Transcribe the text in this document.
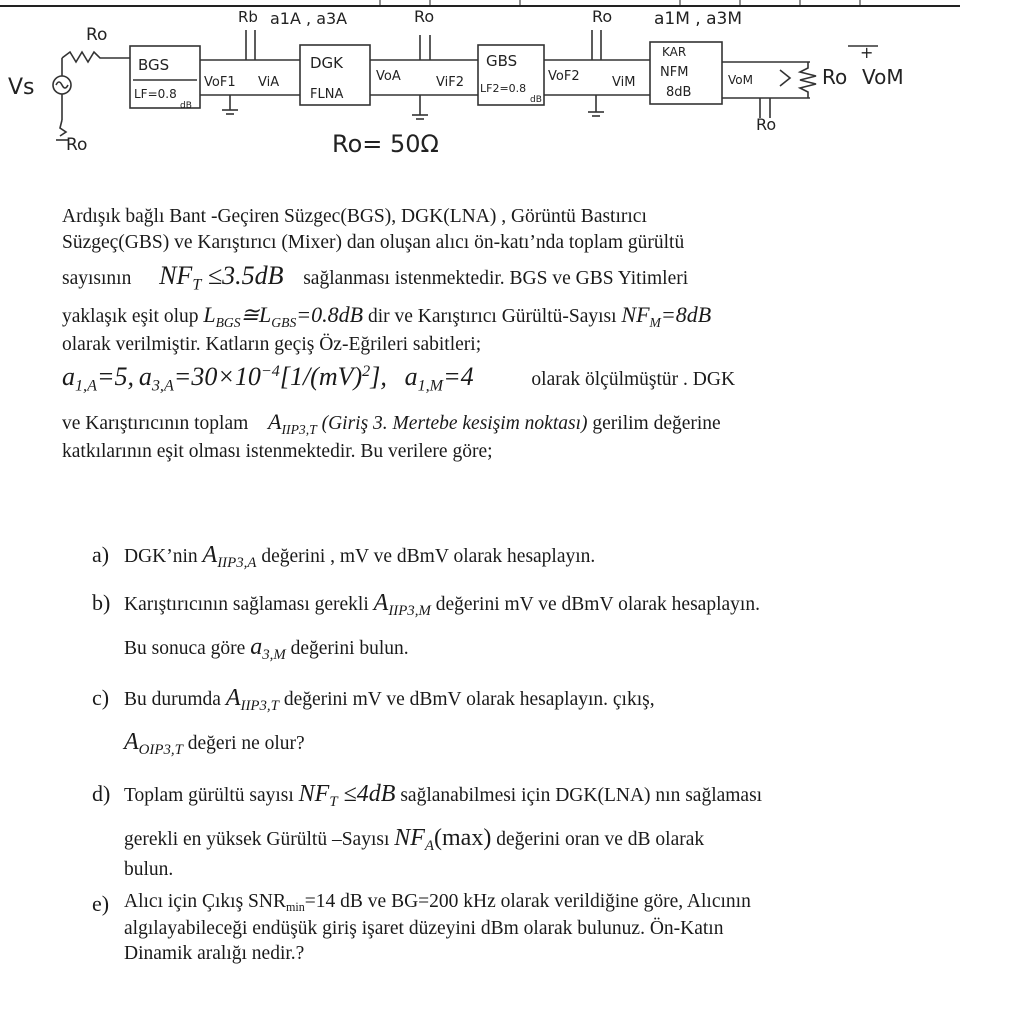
Ro
Vs
Ro
BGS
LF=0.8
dB
VoF1 ViA
Rb a1A , a3A	Ro
DGK
FLNA
VoA	ViF2
GBS
LF2=0.8
dB
VoF2 ViM
Ro a1M , a3M
KAR
NFM
8dB
VoM	Ro VoM
Ro
Ro= 50Ω
+

Ardışık bağlı Bant -Geçiren Süzgec(BGS), DGK(LNA) , Görüntü Bastırıcı
Süzgeç(GBS) ve Karıştırıcı (Mixer) dan oluşan alıcı ön-katı’nda toplam gürültü
sayısının $NF_T \le 3.5dB$ sağlanması istenmektedir. BGS ve GBS Yitimleri
yaklaşık eşit olup $L_{BGS}≅L_{GBS}=0.8dB$ dir ve Karıştırıcı Gürültü-Sayısı $NF_M=8dB$
olarak verilmiştir. Katların geçiş Öz-Eğrileri sabitleri;
$a_{1,A}=5$, $a_{3,A}=30\times 10^{-4}[1/(mV)^2]$, $a_{1,M}=4$	olarak ölçülmüştür . DGK

ve Karıştırıcının toplam $A_{IIP3,T}$ (Giriş 3. Mertebe kesişim noktası) gerilim değerine
katkılarının eşit olması istenmektedir. Bu verilere göre;

a) DGK’nin $A_{IIP3,A}$ değerini , mV ve dBmV olarak hesaplayın.
b) Karıştırıcının sağlaması gerekli $A_{IIP3,M}$ değerini mV ve dBmV olarak hesaplayın.
Bu sonuca göre $a_{3,M}$ değerini bulun.
c) Bu durumda $A_{IIP3,T}$ değerini mV ve dBmV olarak hesaplayın. çıkış,
$A_{OIP3,T}$ değeri ne olur?
d) Toplam gürültü sayısı $NF_T \le 4dB$ sağlanabilmesi için DGK(LNA) nın sağlaması
gerekli en yüksek Gürültü –Sayısı $NF_A(\max)$ değerini oran ve dB olarak
bulun.
e) Alıcı için Çıkış $SNR_{min}=14$ dB ve BG=200 kHz olarak verildiğine göre, Alıcının
algılayabileceği endüşük giriş işaret düzeyini dBm olarak bulunuz. Ön-Katın
Dinamik aralığı nedir.?
